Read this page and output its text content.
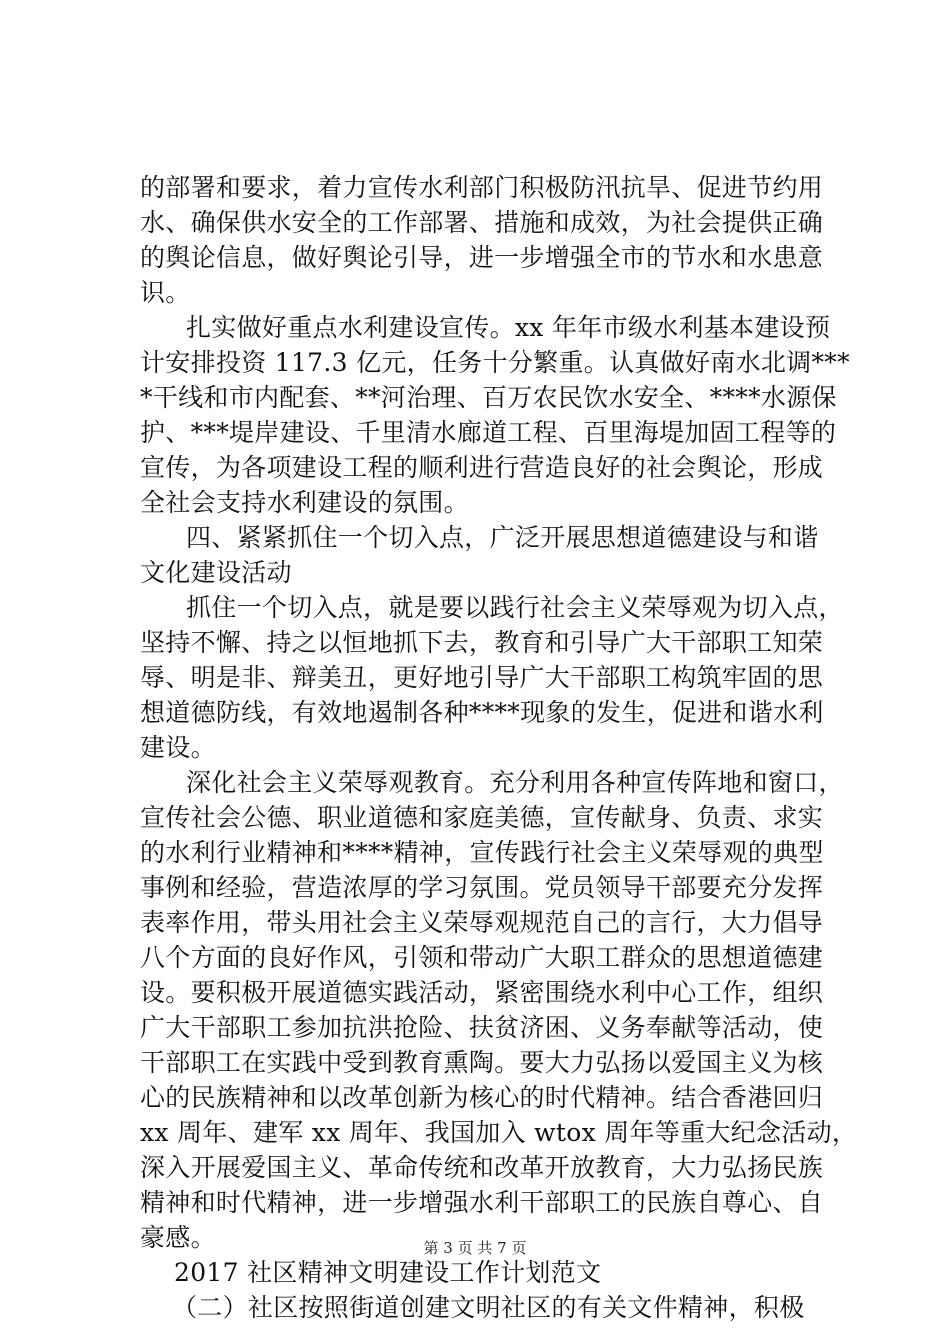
的部署和要求，着力宣传水利部门积极防汛抗旱、促进节约用
水、确保供水安全的工作部署、措施和成效，为社会提供正确
的舆论信息，做好舆论引导，进一步增强全市的节水和水患意
识。
扎实做好重点水利建设宣传。xx 年年市级水利基本建设预
计安排投资 117.3 亿元，任务十分繁重。认真做好南水北调***
*干线和市内配套、**河治理、百万农民饮水安全、****水源保
护、***堤岸建设、千里清水廊道工程、百里海堤加固工程等的
宣传，为各项建设工程的顺利进行营造良好的社会舆论，形成
全社会支持水利建设的氛围。
四、紧紧抓住一个切入点，广泛开展思想道德建设与和谐
文化建设活动
抓住一个切入点，就是要以践行社会主义荣辱观为切入点，
坚持不懈、持之以恒地抓下去，教育和引导广大干部职工知荣
辱、明是非、辩美丑，更好地引导广大干部职工构筑牢固的思
想道德防线，有效地遏制各种****现象的发生，促进和谐水利
建设。
深化社会主义荣辱观教育。充分利用各种宣传阵地和窗口，
宣传社会公德、职业道德和家庭美德，宣传献身、负责、求实
的水利行业精神和****精神，宣传践行社会主义荣辱观的典型
事例和经验，营造浓厚的学习氛围。党员领导干部要充分发挥
表率作用，带头用社会主义荣辱观规范自己的言行，大力倡导
八个方面的良好作风，引领和带动广大职工群众的思想道德建
设。要积极开展道德实践活动，紧密围绕水利中心工作，组织
广大干部职工参加抗洪抢险、扶贫济困、义务奉献等活动，使
干部职工在实践中受到教育熏陶。要大力弘扬以爱国主义为核
心的民族精神和以改革创新为核心的时代精神。结合香港回归
xx 周年、建军 xx 周年、我国加入 wtox 周年等重大纪念活动，
深入开展爱国主义、革命传统和改革开放教育，大力弘扬民族
精神和时代精神，进一步增强水利干部职工的民族自尊心、自
豪感。
2017 社区精神文明建设工作计划范文
（二）社区按照街道创建文明社区的有关文件精神，积极
第 3 页 共 7 页
